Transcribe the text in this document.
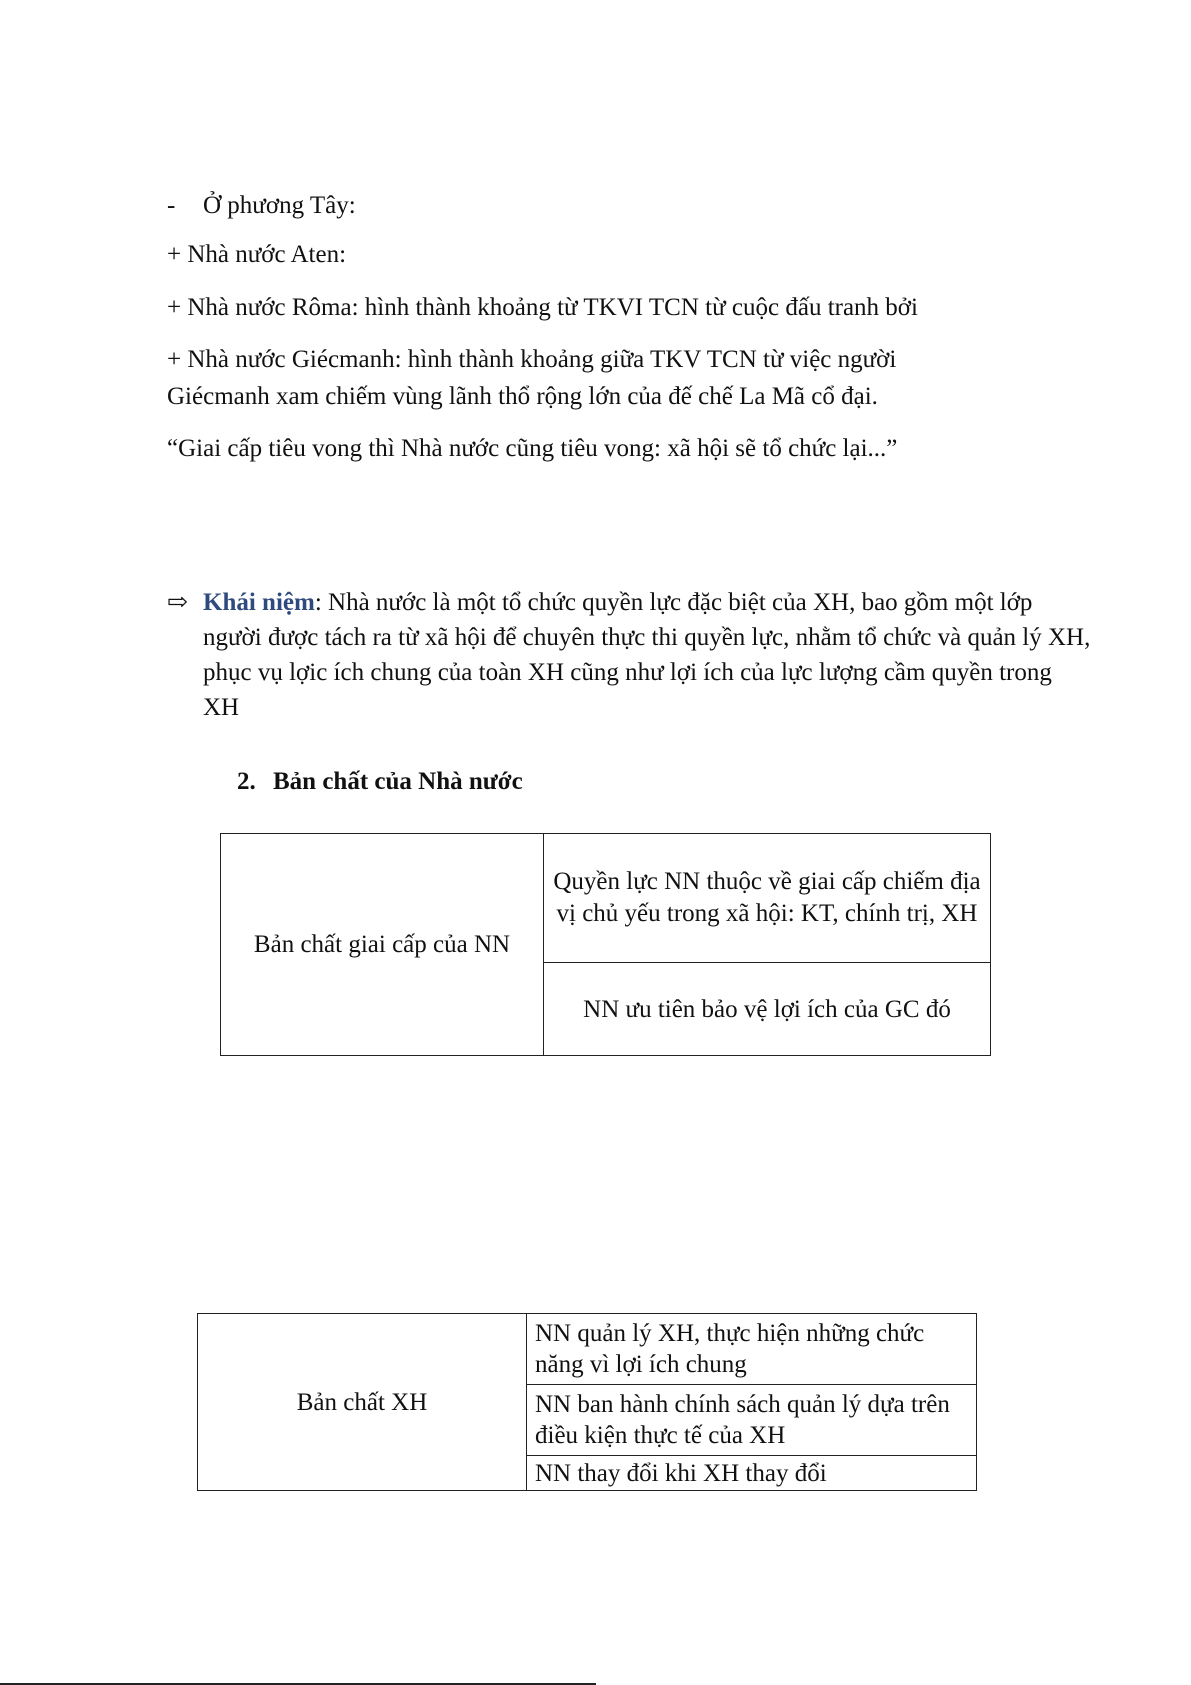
- Ở phương Tây:
+ Nhà nước Aten:
+ Nhà nước Rôma: hình thành khoảng từ TKVI TCN từ cuộc đấu tranh bởi
+ Nhà nước Giécmanh: hình thành khoảng giữa TKV TCN từ việc người
Giécmanh xam chiếm vùng lãnh thổ rộng lớn của đế chế La Mã cổ đại.
“Giai cấp tiêu vong thì Nhà nước cũng tiêu vong: xã hội sẽ tổ chức lại...”
⇨ Khái niệm: Nhà nước là một tổ chức quyền lực đặc biệt của XH, bao gồm một lớp người được tách ra từ xã hội để chuyên thực thi quyền lực, nhằm tổ chức và quản lý XH, phục vụ lợic ích chung của toàn XH cũng như lợi ích của lực lượng cầm quyền trong XH
2. Bản chất của Nhà nước
Bản chất giai cấp của NN	Quyền lực NN thuộc về giai cấp chiếm địa vị chủ yếu trong xã hội: KT, chính trị, XH
NN ưu tiên bảo vệ lợi ích của GC đó
Bản chất XH	NN quản lý XH, thực hiện những chức năng vì lợi ích chung
NN ban hành chính sách quản lý dựa trên điều kiện thực tế của XH
NN thay đổi khi XH thay đổi
